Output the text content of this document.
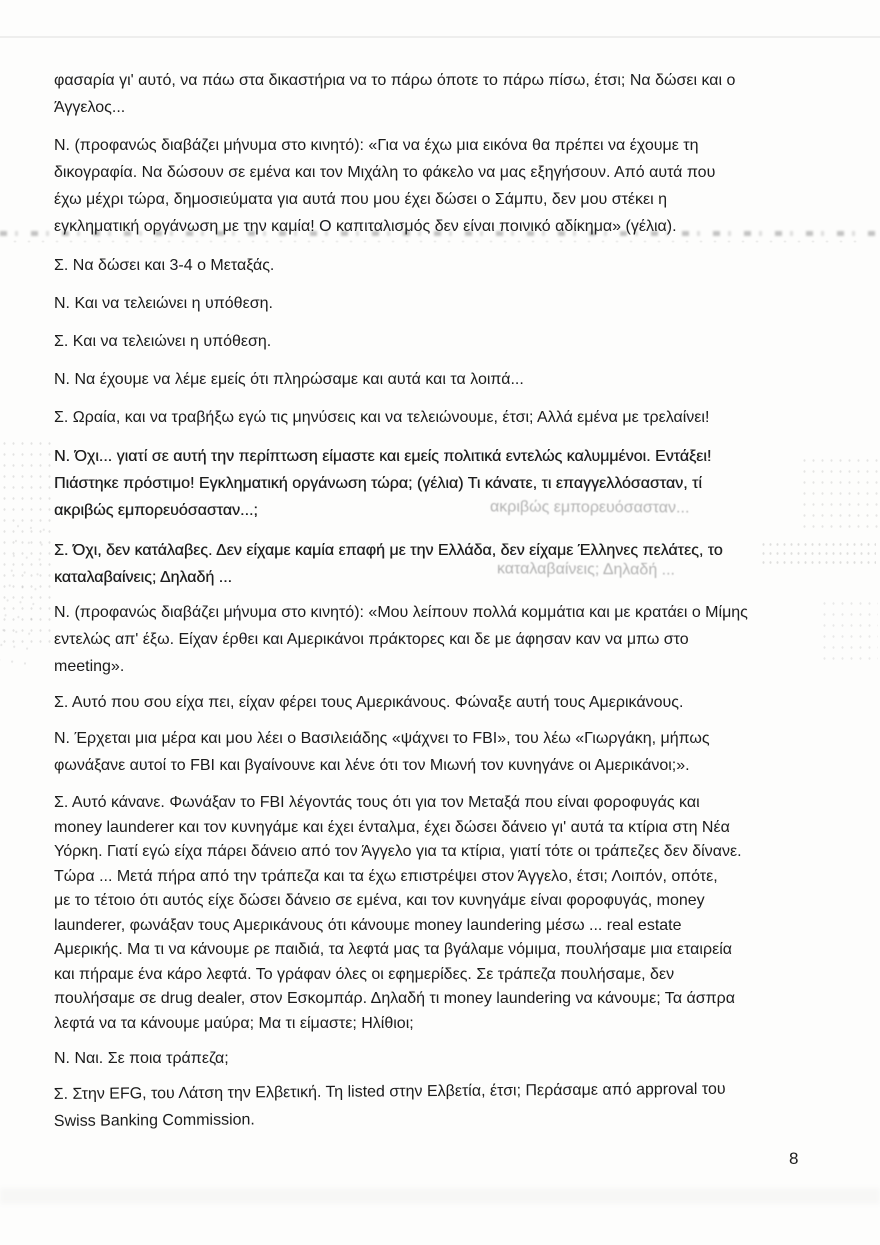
φασαρία γι' αυτό, να πάω στα δικαστήρια να το πάρω όποτε το πάρω πίσω, έτσι; Να δώσει και ο
Άγγελος...

Ν. (προφανώς διαβάζει μήνυμα στο κινητό): «Για να έχω μια εικόνα θα πρέπει να έχουμε τη
δικογραφία. Να δώσουν σε εμένα και τον Μιχάλη το φάκελο να μας εξηγήσουν. Από αυτά που
έχω μέχρι τώρα, δημοσιεύματα για αυτά που μου έχει δώσει ο Σάμπυ, δεν μου στέκει η
εγκληματική οργάνωση με την καμία! Ο καπιταλισμός δεν είναι ποινικό αδίκημα» (γέλια).

Σ. Να δώσει και 3-4 ο Μεταξάς.

Ν. Και να τελειώνει η υπόθεση.

Σ. Και να τελειώνει η υπόθεση.

Ν. Να έχουμε να λέμε εμείς ότι πληρώσαμε και αυτά και τα λοιπά...

Σ. Ωραία, και να τραβήξω εγώ τις μηνύσεις και να τελειώνουμε, έτσι; Αλλά εμένα με τρελαίνει!

Ν. Όχι... γιατί σε αυτή την περίπτωση είμαστε και εμείς πολιτικά εντελώς καλυμμένοι. Εντάξει!
Πιάστηκε πρόστιμο! Εγκληματική οργάνωση τώρα; (γέλια) Τι κάνατε, τι επαγγελλόσασταν, τί
ακριβώς εμπορευόσασταν...;

Σ. Όχι, δεν κατάλαβες. Δεν είχαμε καμία επαφή με την Ελλάδα, δεν είχαμε Έλληνες πελάτες, το
καταλαβαίνεις; Δηλαδή ...

Ν. (προφανώς διαβάζει μήνυμα στο κινητό): «Μου λείπουν πολλά κομμάτια και με κρατάει ο Μίμης
εντελώς απ' έξω. Είχαν έρθει και Αμερικάνοι πράκτορες και δε με άφησαν καν να μπω στο
meeting».

Σ. Αυτό που σου είχα πει, είχαν φέρει τους Αμερικάνους. Φώναξε αυτή τους Αμερικάνους.

Ν. Έρχεται μια μέρα και μου λέει ο Βασιλειάδης «ψάχνει το FBI», του λέω «Γιωργάκη, μήπως
φωνάξανε αυτοί το FBI και βγαίνουνε και λένε ότι τον Μιωνή τον κυνηγάνε οι Αμερικάνοι;».

Σ. Αυτό κάνανε. Φωνάξαν το FBI λέγοντάς τους ότι για τον Μεταξά που είναι φοροφυγάς και
money launderer και τον κυνηγάμε και έχει ένταλμα, έχει δώσει δάνειο γι' αυτά τα κτίρια στη Νέα
Υόρκη. Γιατί εγώ είχα πάρει δάνειο από τον Άγγελο για τα κτίρια, γιατί τότε οι τράπεζες δεν δίνανε.
Τώρα ... Μετά πήρα από την τράπεζα και τα έχω επιστρέψει στον Άγγελο, έτσι; Λοιπόν, οπότε,
με το τέτοιο ότι αυτός είχε δώσει δάνειο σε εμένα, και τον κυνηγάμε είναι φοροφυγάς, money
launderer, φωνάξαν τους Αμερικάνους ότι κάνουμε money laundering μέσω ... real estate
Αμερικής. Μα τι να κάνουμε ρε παιδιά, τα λεφτά μας τα βγάλαμε νόμιμα, πουλήσαμε μια εταιρεία
και πήραμε ένα κάρο λεφτά. Το γράφαν όλες οι εφημερίδες. Σε τράπεζα πουλήσαμε, δεν
πουλήσαμε σε drug dealer, στον Εσκομπάρ. Δηλαδή τι money laundering να κάνουμε; Τα άσπρα
λεφτά να τα κάνουμε μαύρα; Μα τι είμαστε; Ηλίθιοι;

Ν. Ναι. Σε ποια τράπεζα;

Σ. Στην EFG, του Λάτση την Ελβετική. Τη listed στην Ελβετία, έτσι; Περάσαμε από approval του
Swiss Banking Commission.

ακριβώς εμπορευόσασταν...
καταλαβαίνεις; Δηλαδή ...
8
